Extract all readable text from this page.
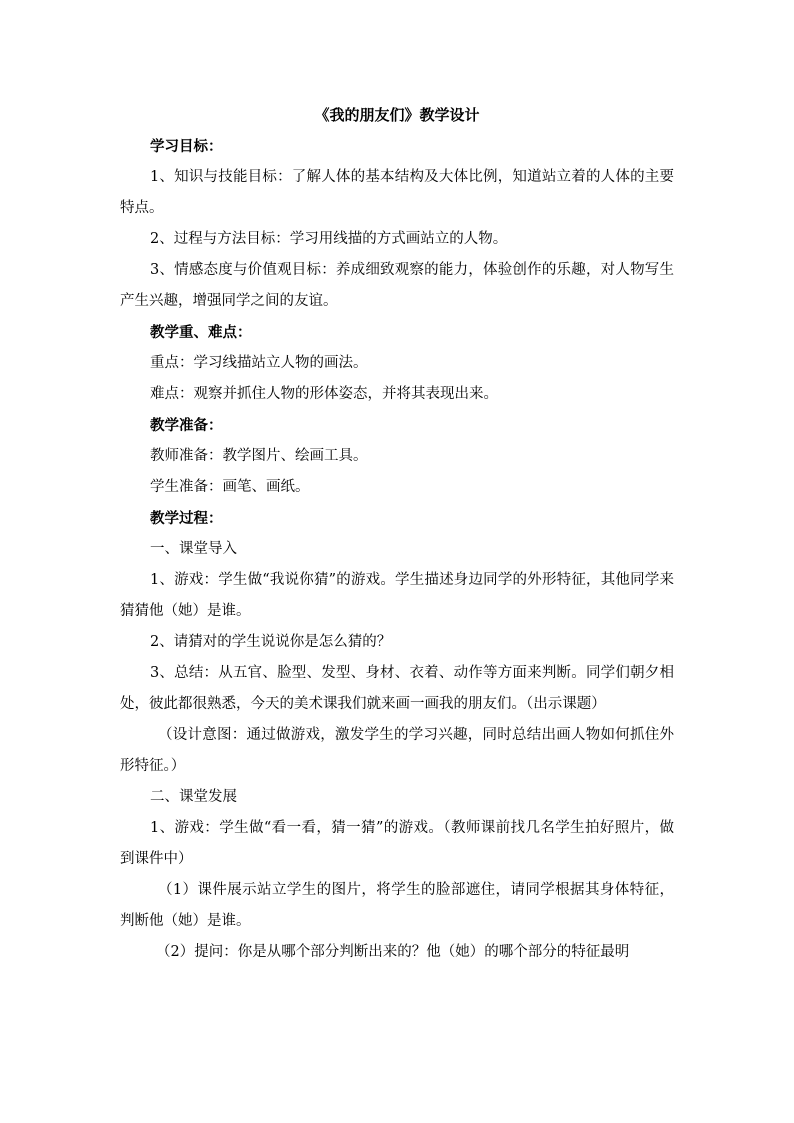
《我的朋友们》教学设计
学习目标：
1、知识与技能目标：了解人体的基本结构及大体比例，知道站立着的人体的主要特点。
2、过程与方法目标：学习用线描的方式画站立的人物。
3、情感态度与价值观目标：养成细致观察的能力，体验创作的乐趣，对人物写生产生兴趣，增强同学之间的友谊。
教学重、难点：
重点：学习线描站立人物的画法。
难点：观察并抓住人物的形体姿态，并将其表现出来。
教学准备：
教师准备：教学图片、绘画工具。
学生准备：画笔、画纸。
教学过程：
一、课堂导入
1、游戏：学生做“我说你猜”的游戏。学生描述身边同学的外形特征，其他同学来猜猜他（她）是谁。
2、请猜对的学生说说你是怎么猜的？
3、总结：从五官、脸型、发型、身材、衣着、动作等方面来判断。同学们朝夕相处，彼此都很熟悉，今天的美术课我们就来画一画我的朋友们。（出示课题）
（设计意图：通过做游戏，激发学生的学习兴趣，同时总结出画人物如何抓住外形特征。）
二、课堂发展
1、游戏：学生做“看一看，猜一猜”的游戏。（教师课前找几名学生拍好照片，做到课件中）
（1）课件展示站立学生的图片，将学生的脸部遮住，请同学根据其身体特征，判断他（她）是谁。
（2）提问：你是从哪个部分判断出来的？他（她）的哪个部分的特征最明
